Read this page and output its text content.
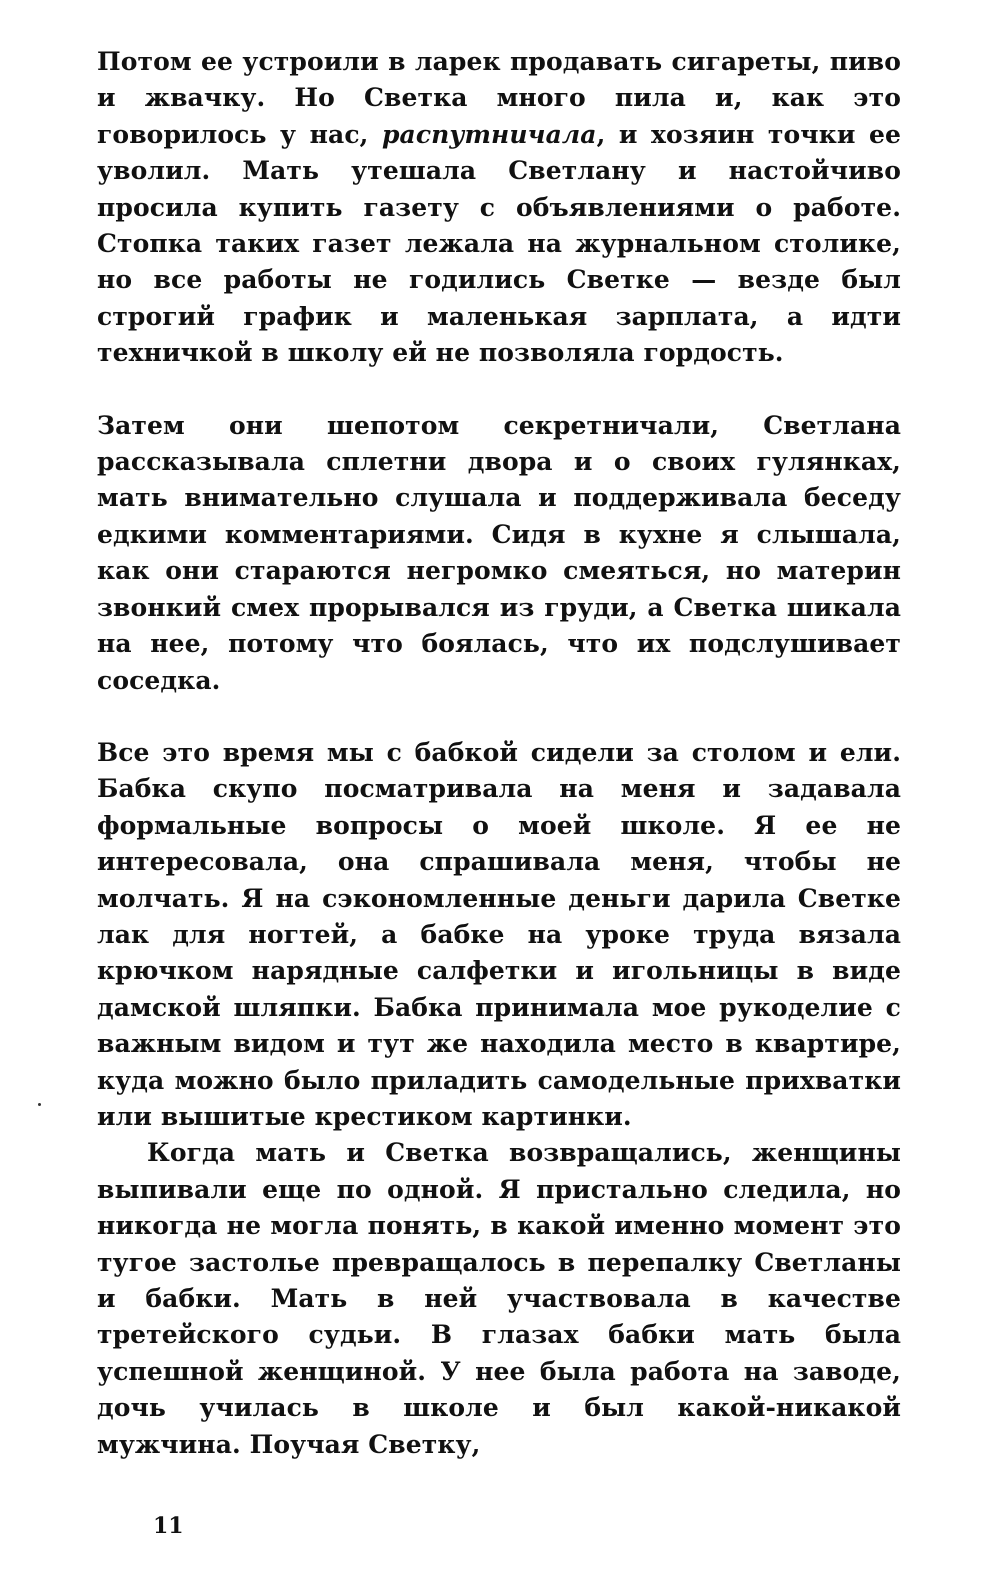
Потом ее устроили в ларек продавать сигареты, пиво и жвачку. Но Светка много пила и, как это говорилось у нас, распутничала, и хозяин точки ее уволил. Мать утешала Светлану и настойчиво просила купить газету с объявлениями о работе. Стопка таких газет лежала на журнальном столике, но все работы не годились Светке — везде был строгий график и маленькая зарплата, а идти техничкой в школу ей не позволяла гордость.

Затем они шепотом секретничали, Светлана рассказывала сплетни двора и о своих гулянках, мать внимательно слушала и поддерживала беседу едкими комментариями. Сидя в кухне я слышала, как они стараются негромко смеяться, но материн звонкий смех прорывался из груди, а Светка шикала на нее, потому что боялась, что их подслушивает соседка.

Все это время мы с бабкой сидели за столом и ели. Бабка скупо посматривала на меня и задавала формальные вопросы о моей школе. Я ее не интересовала, она спрашивала меня, чтобы не молчать. Я на сэкономленные деньги дарила Светке лак для ногтей, а бабке на уроке труда вязала крючком нарядные салфетки и игольницы в виде дамской шляпки. Бабка принимала мое рукоделие с важным видом и тут же находила место в квартире, куда можно было приладить самодельные прихватки или вышитые крестиком картинки.

Когда мать и Светка возвращались, женщины выпивали еще по одной. Я пристально следила, но никогда не могла понять, в какой именно момент это тугое застолье превращалось в перепалку Светланы и бабки. Мать в ней участвовала в качестве третейского судьи. В глазах бабки мать была успешной женщиной. У нее была работа на заводе, дочь училась в школе и был какой-никакой мужчина. Поучая Светку,

11
